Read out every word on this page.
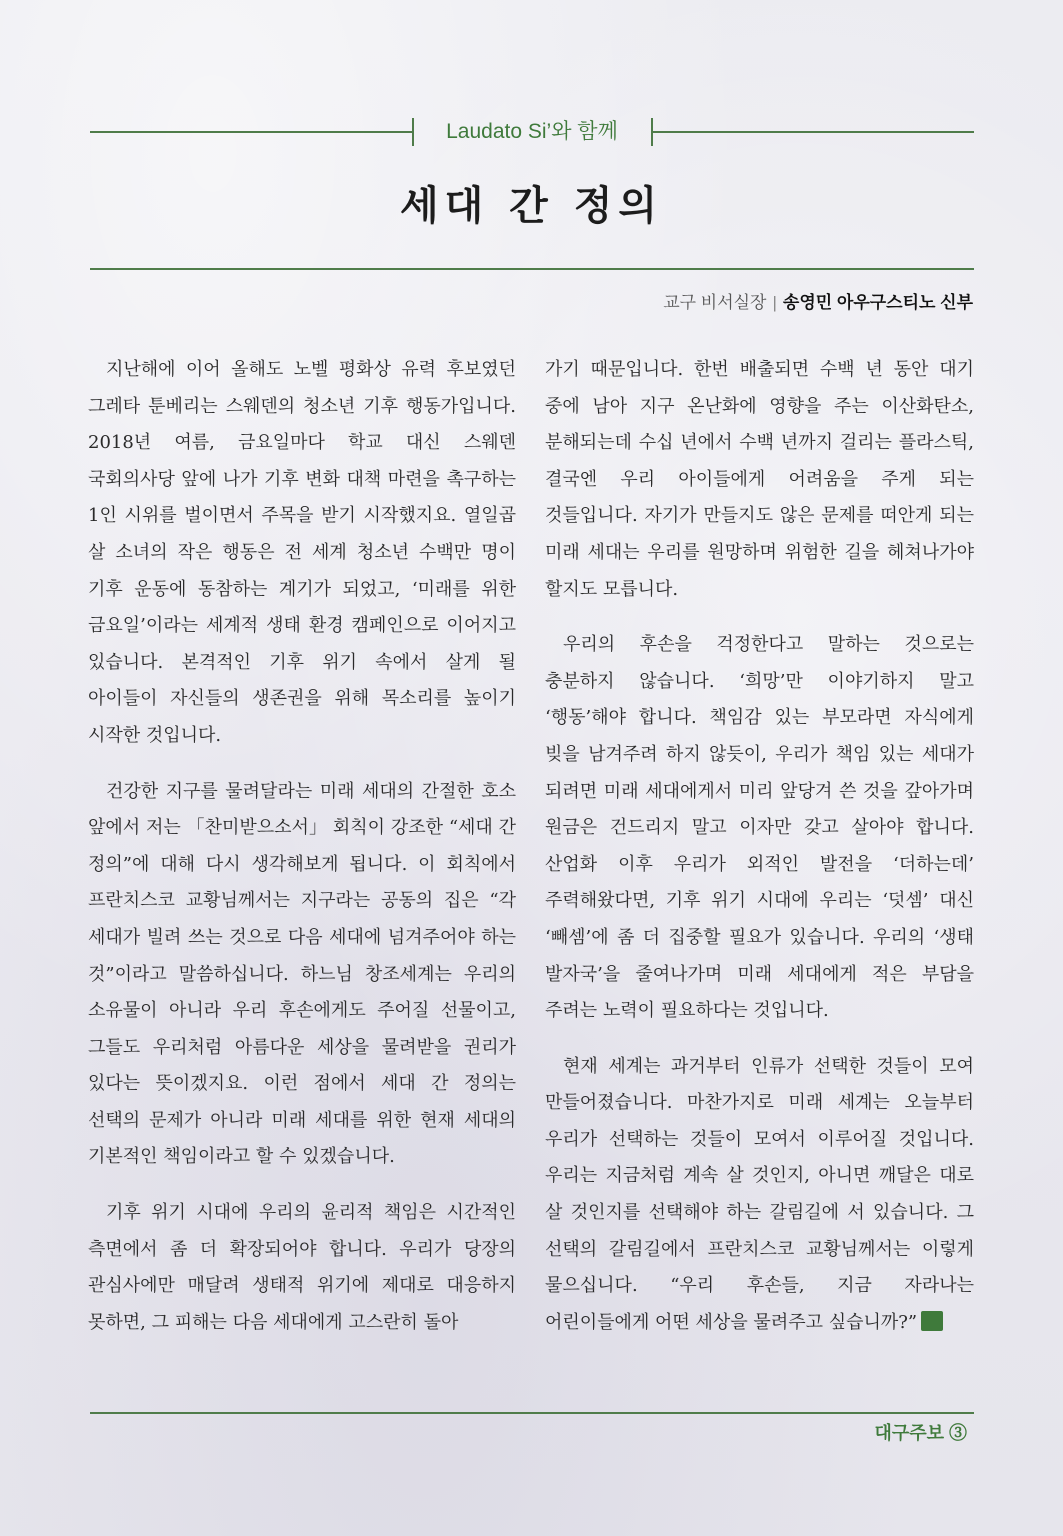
Laudato Si’와 함께
세대 간 정의
교구 비서실장 | 송영민 아우구스티노 신부

지난해에 이어 올해도 노벨 평화상 유력 후보였던 그레타 툰베리는 스웨덴의 청소년 기후 행동가입니다. 2018년 여름, 금요일마다 학교 대신 스웨덴 국회의사당 앞에 나가 기후 변화 대책 마련을 촉구하는 1인 시위를 벌이면서 주목을 받기 시작했지요. 열일곱 살 소녀의 작은 행동은 전 세계 청소년 수백만 명이 기후 운동에 동참하는 계기가 되었고, ‘미래를 위한 금요일’이라는 세계적 생태 환경 캠페인으로 이어지고 있습니다. 본격적인 기후 위기 속에서 살게 될 아이들이 자신들의 생존권을 위해 목소리를 높이기 시작한 것입니다.

건강한 지구를 물려달라는 미래 세대의 간절한 호소 앞에서 저는 「찬미받으소서」 회칙이 강조한 “세대 간 정의”에 대해 다시 생각해보게 됩니다. 이 회칙에서 프란치스코 교황님께서는 지구라는 공동의 집은 “각 세대가 빌려 쓰는 것으로 다음 세대에 넘겨주어야 하는 것”이라고 말씀하십니다. 하느님 창조세계는 우리의 소유물이 아니라 우리 후손에게도 주어질 선물이고, 그들도 우리처럼 아름다운 세상을 물려받을 권리가 있다는 뜻이겠지요. 이런 점에서 세대 간 정의는 선택의 문제가 아니라 미래 세대를 위한 현재 세대의 기본적인 책임이라고 할 수 있겠습니다.

기후 위기 시대에 우리의 윤리적 책임은 시간적인 측면에서 좀 더 확장되어야 합니다. 우리가 당장의 관심사에만 매달려 생태적 위기에 제대로 대응하지 못하면, 그 피해는 다음 세대에게 고스란히 돌아

가기 때문입니다. 한번 배출되면 수백 년 동안 대기 중에 남아 지구 온난화에 영향을 주는 이산화탄소, 분해되는데 수십 년에서 수백 년까지 걸리는 플라스틱, 결국엔 우리 아이들에게 어려움을 주게 되는 것들입니다. 자기가 만들지도 않은 문제를 떠안게 되는 미래 세대는 우리를 원망하며 위험한 길을 헤쳐나가야 할지도 모릅니다.

우리의 후손을 걱정한다고 말하는 것으로는 충분하지 않습니다. ‘희망’만 이야기하지 말고 ‘행동’해야 합니다. 책임감 있는 부모라면 자식에게 빚을 남겨주려 하지 않듯이, 우리가 책임 있는 세대가 되려면 미래 세대에게서 미리 앞당겨 쓴 것을 갚아가며 원금은 건드리지 말고 이자만 갖고 살아야 합니다. 산업화 이후 우리가 외적인 발전을 ‘더하는데’ 주력해왔다면, 기후 위기 시대에 우리는 ‘덧셈’ 대신 ‘빼셈’에 좀 더 집중할 필요가 있습니다. 우리의 ‘생태 발자국’을 줄여나가며 미래 세대에게 적은 부담을 주려는 노력이 필요하다는 것입니다.

현재 세계는 과거부터 인류가 선택한 것들이 모여 만들어졌습니다. 마찬가지로 미래 세계는 오늘부터 우리가 선택하는 것들이 모여서 이루어질 것입니다. 우리는 지금처럼 계속 살 것인지, 아니면 깨달은 대로 살 것인지를 선택해야 하는 갈림길에 서 있습니다. 그 선택의 갈림길에서 프란치스코 교황님께서는 이렇게 물으십니다. “우리 후손들, 지금 자라나는 어린이들에게 어떤 세상을 물려주고 싶습니까?”

대구주보 ③
